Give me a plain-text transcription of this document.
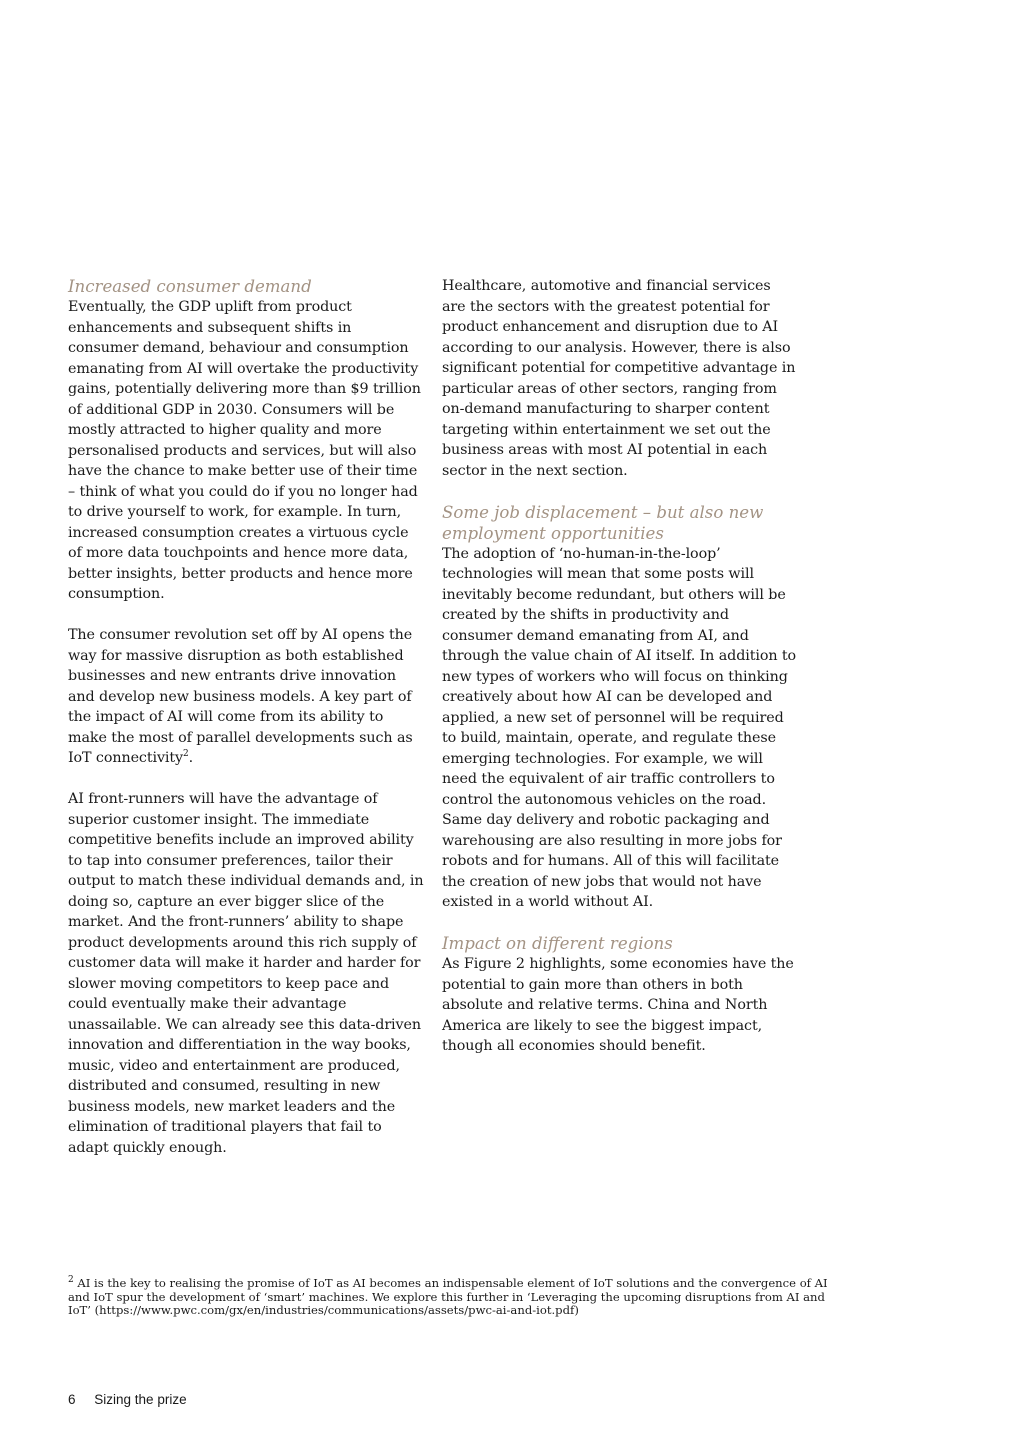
Increased consumer demand

Eventually, the GDP uplift from product enhancements and subsequent shifts in consumer demand, behaviour and consumption emanating from AI will overtake the productivity gains, potentially delivering more than $9 trillion of additional GDP in 2030. Consumers will be mostly attracted to higher quality and more personalised products and services, but will also have the chance to make better use of their time – think of what you could do if you no longer had to drive yourself to work, for example. In turn, increased consumption creates a virtuous cycle of more data touchpoints and hence more data, better insights, better products and hence more consumption.

The consumer revolution set off by AI opens the way for massive disruption as both established businesses and new entrants drive innovation and develop new business models. A key part of the impact of AI will come from its ability to make the most of parallel developments such as IoT connectivity$^2$.

AI front-runners will have the advantage of superior customer insight. The immediate competitive benefits include an improved ability to tap into consumer preferences, tailor their output to match these individual demands and, in doing so, capture an ever bigger slice of the market. And the front-runners’ ability to shape product developments around this rich supply of customer data will make it harder and harder for slower moving competitors to keep pace and could eventually make their advantage unassailable. We can already see this data-driven innovation and differentiation in the way books, music, video and entertainment are produced, distributed and consumed, resulting in new business models, new market leaders and the elimination of traditional players that fail to adapt quickly enough.

Healthcare, automotive and financial services are the sectors with the greatest potential for product enhancement and disruption due to AI according to our analysis. However, there is also significant potential for competitive advantage in particular areas of other sectors, ranging from on-demand manufacturing to sharper content targeting within entertainment we set out the business areas with most AI potential in each sector in the next section.

Some job displacement – but also new employment opportunities

The adoption of ‘no-human-in-the-loop’ technologies will mean that some posts will inevitably become redundant, but others will be created by the shifts in productivity and consumer demand emanating from AI, and through the value chain of AI itself. In addition to new types of workers who will focus on thinking creatively about how AI can be developed and applied, a new set of personnel will be required to build, maintain, operate, and regulate these emerging technologies. For example, we will need the equivalent of air traffic controllers to control the autonomous vehicles on the road. Same day delivery and robotic packaging and warehousing are also resulting in more jobs for robots and for humans. All of this will facilitate the creation of new jobs that would not have existed in a world without AI.

Impact on different regions

As Figure 2 highlights, some economies have the potential to gain more than others in both absolute and relative terms. China and North America are likely to see the biggest impact, though all economies should benefit.

$^2$ AI is the key to realising the promise of IoT as AI becomes an indispensable element of IoT solutions and the convergence of AI and IoT spur the development of ‘smart’ machines. We explore this further in ‘Leveraging the upcoming disruptions from AI and IoT’ (https://www.pwc.com/gx/en/industries/communications/assets/pwc-ai-and-iot.pdf)
6 Sizing the prize
